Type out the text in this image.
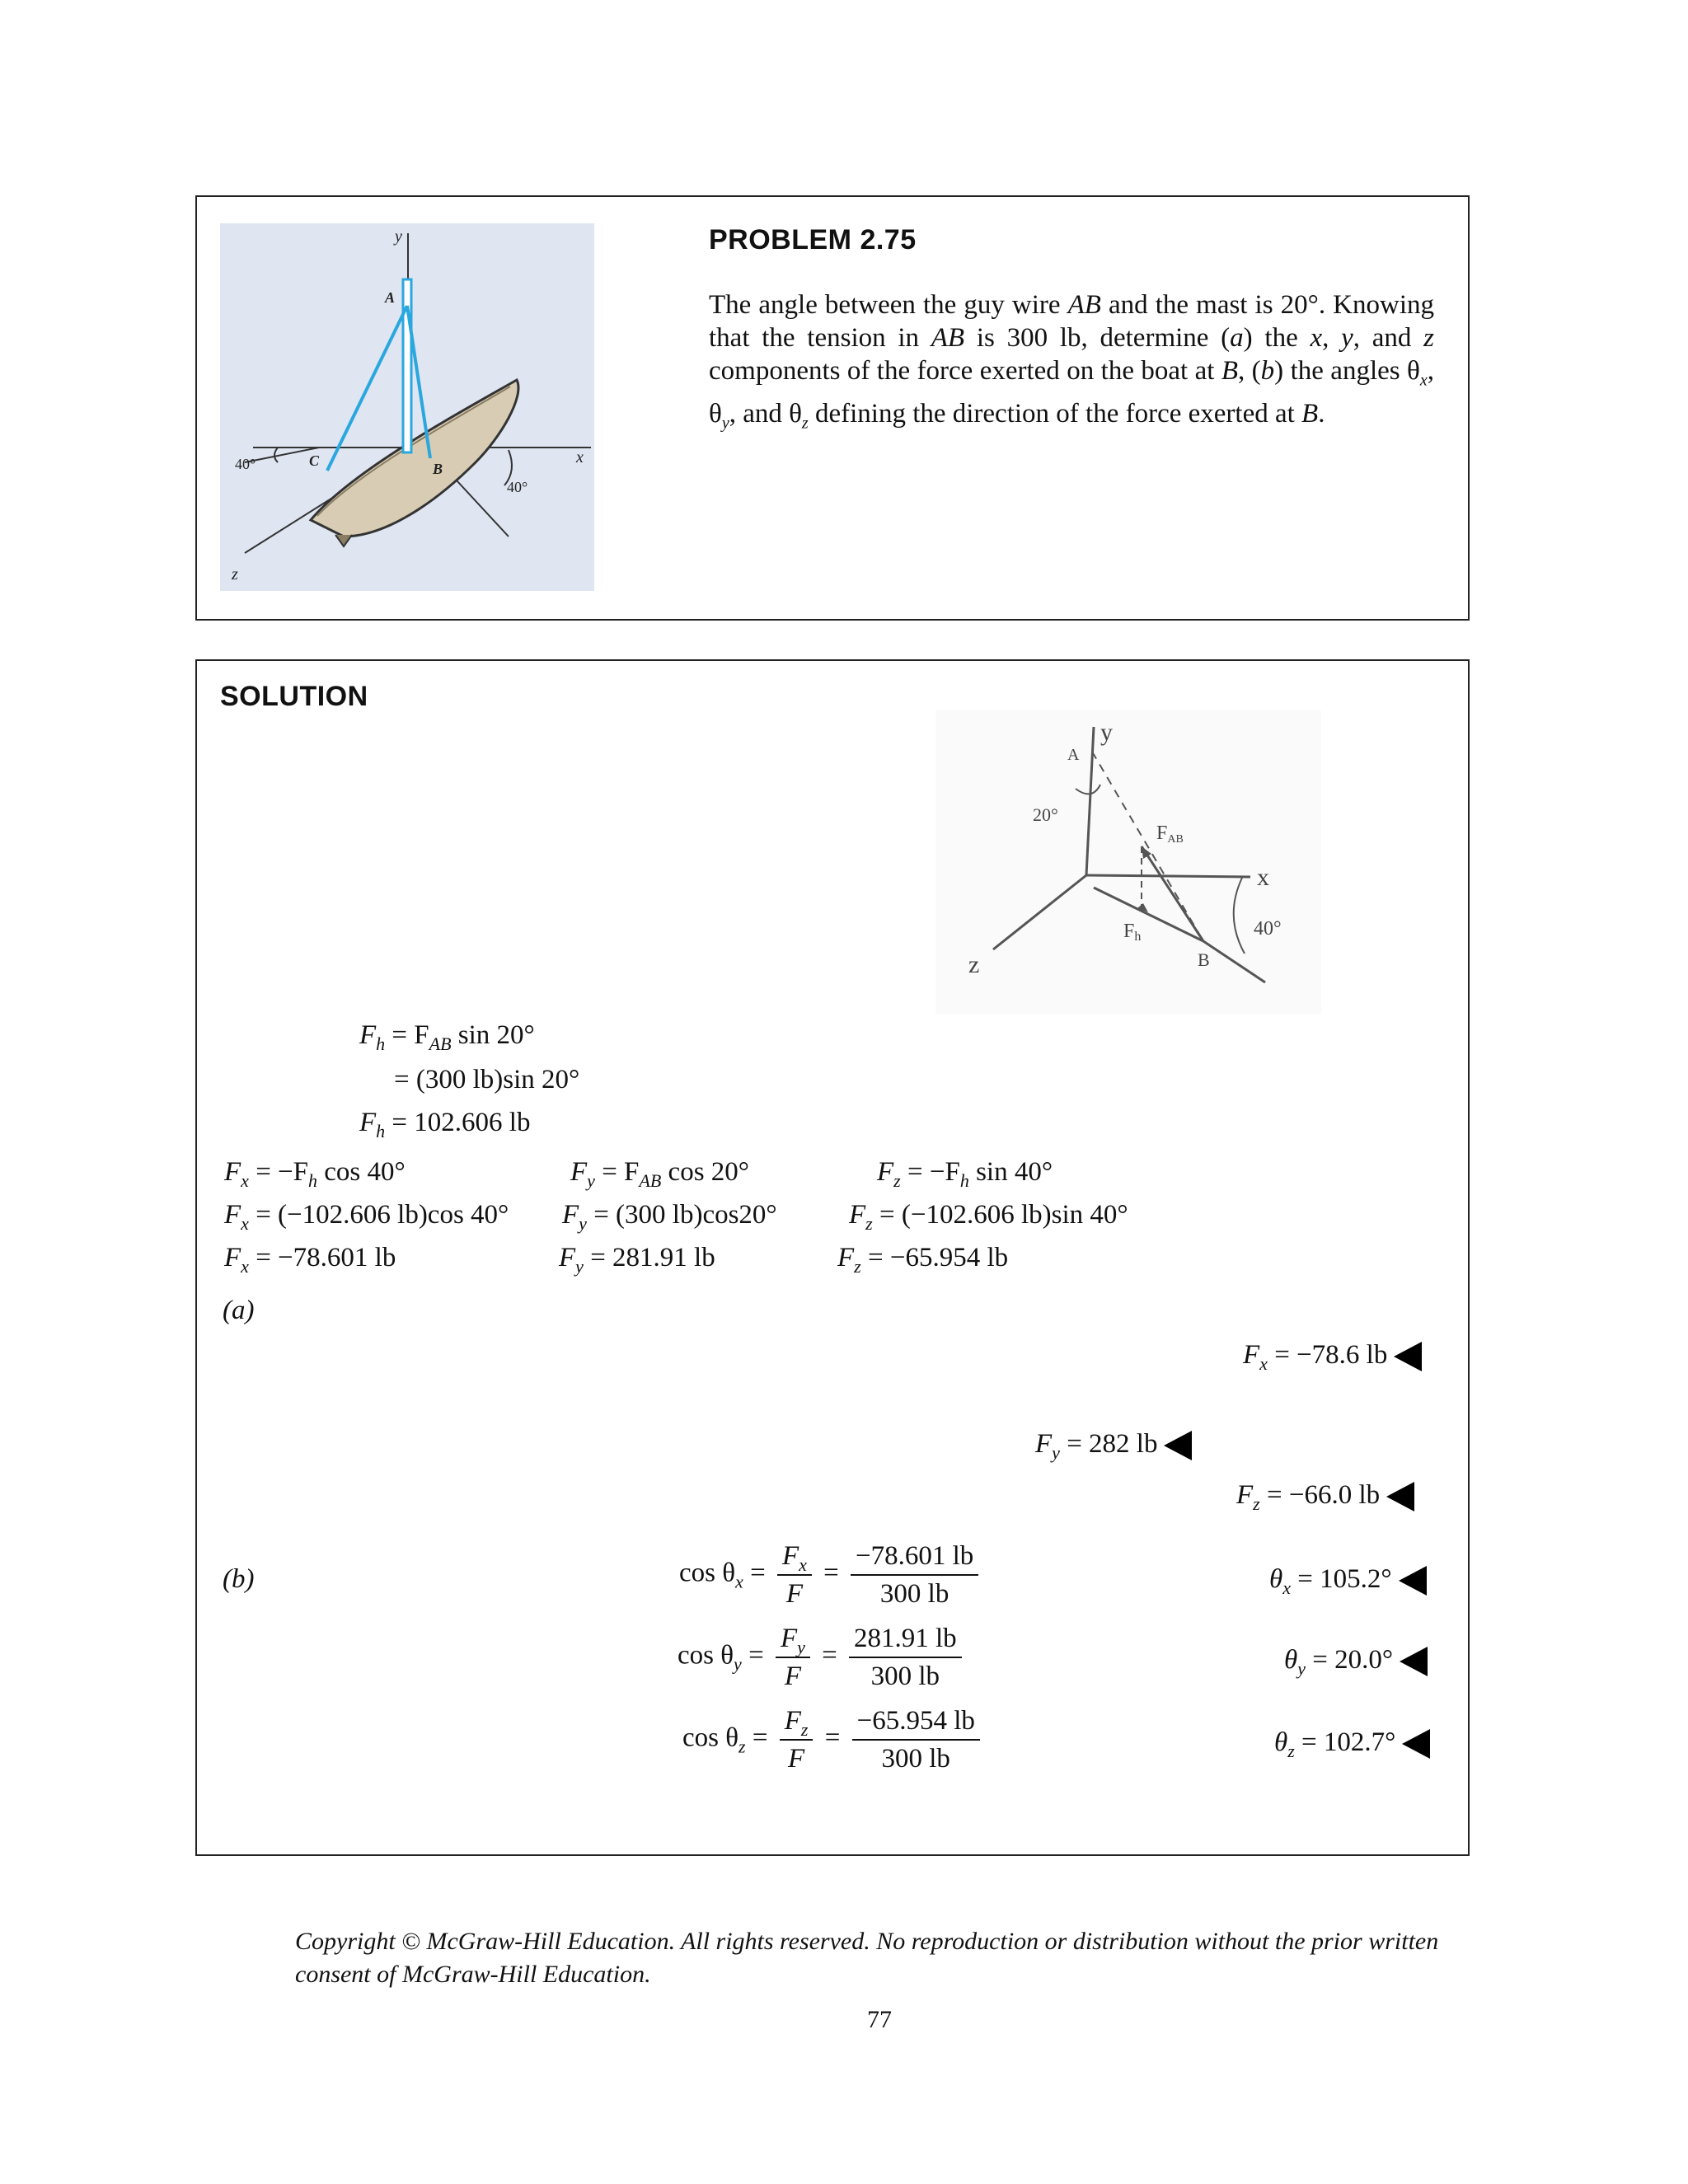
x
y
z
A
C	B
40°
40°
PROBLEM 2.75
The angle between the guy wire AB and the mast is 20°. Knowing that the tension in AB is 300 lb, determine (a) the x, y, and z components of the force exerted on the boat at B, (b) the angles $\theta_x$, $\theta_y$, and $\theta_z$ defining the direction of the force exerted at B.
SOLUTION
y
A
x
z
FAB
Fh
B
20°
40°
$F_h = F_{AB}$ sin 20°
= (300 lb)sin 20°
$F_h = 102.606$ lb
$F_x = -F_h$ cos 40°
$F_x = (-102.606$ lb)cos 40°
$F_x = -78.601$ lb
$F_y = F_{AB}$ cos 20°
$F_y = (300$ lb)cos20°
$F_y = 281.91$ lb
$F_z = -F_h$ sin 40°
$F_z = (-102.606$ lb)sin 40°
$F_z = -65.954$ lb
(a)
$F_x = -78.6$ lb
$F_y = 282$ lb
$F_z = -66.0$ lb
(b)	$\cos \theta_x = \frac{F_x}{F} = \frac{-78.601 lb}{300 lb}$
$\cos \theta_y = \frac{F_y}{F} = \frac{281.91 lb}{300 lb}$
$\cos \theta_z = \frac{F_z}{F} = \frac{-65.954 lb}{300 lb}$
$\theta_x = 105.2^\circ$
$\theta_y = 20.0^\circ$
$\theta_z = 102.7^\circ$
Copyright © McGraw-Hill Education. All rights reserved. No reproduction or distribution without the prior written consent of McGraw-Hill Education.
77
